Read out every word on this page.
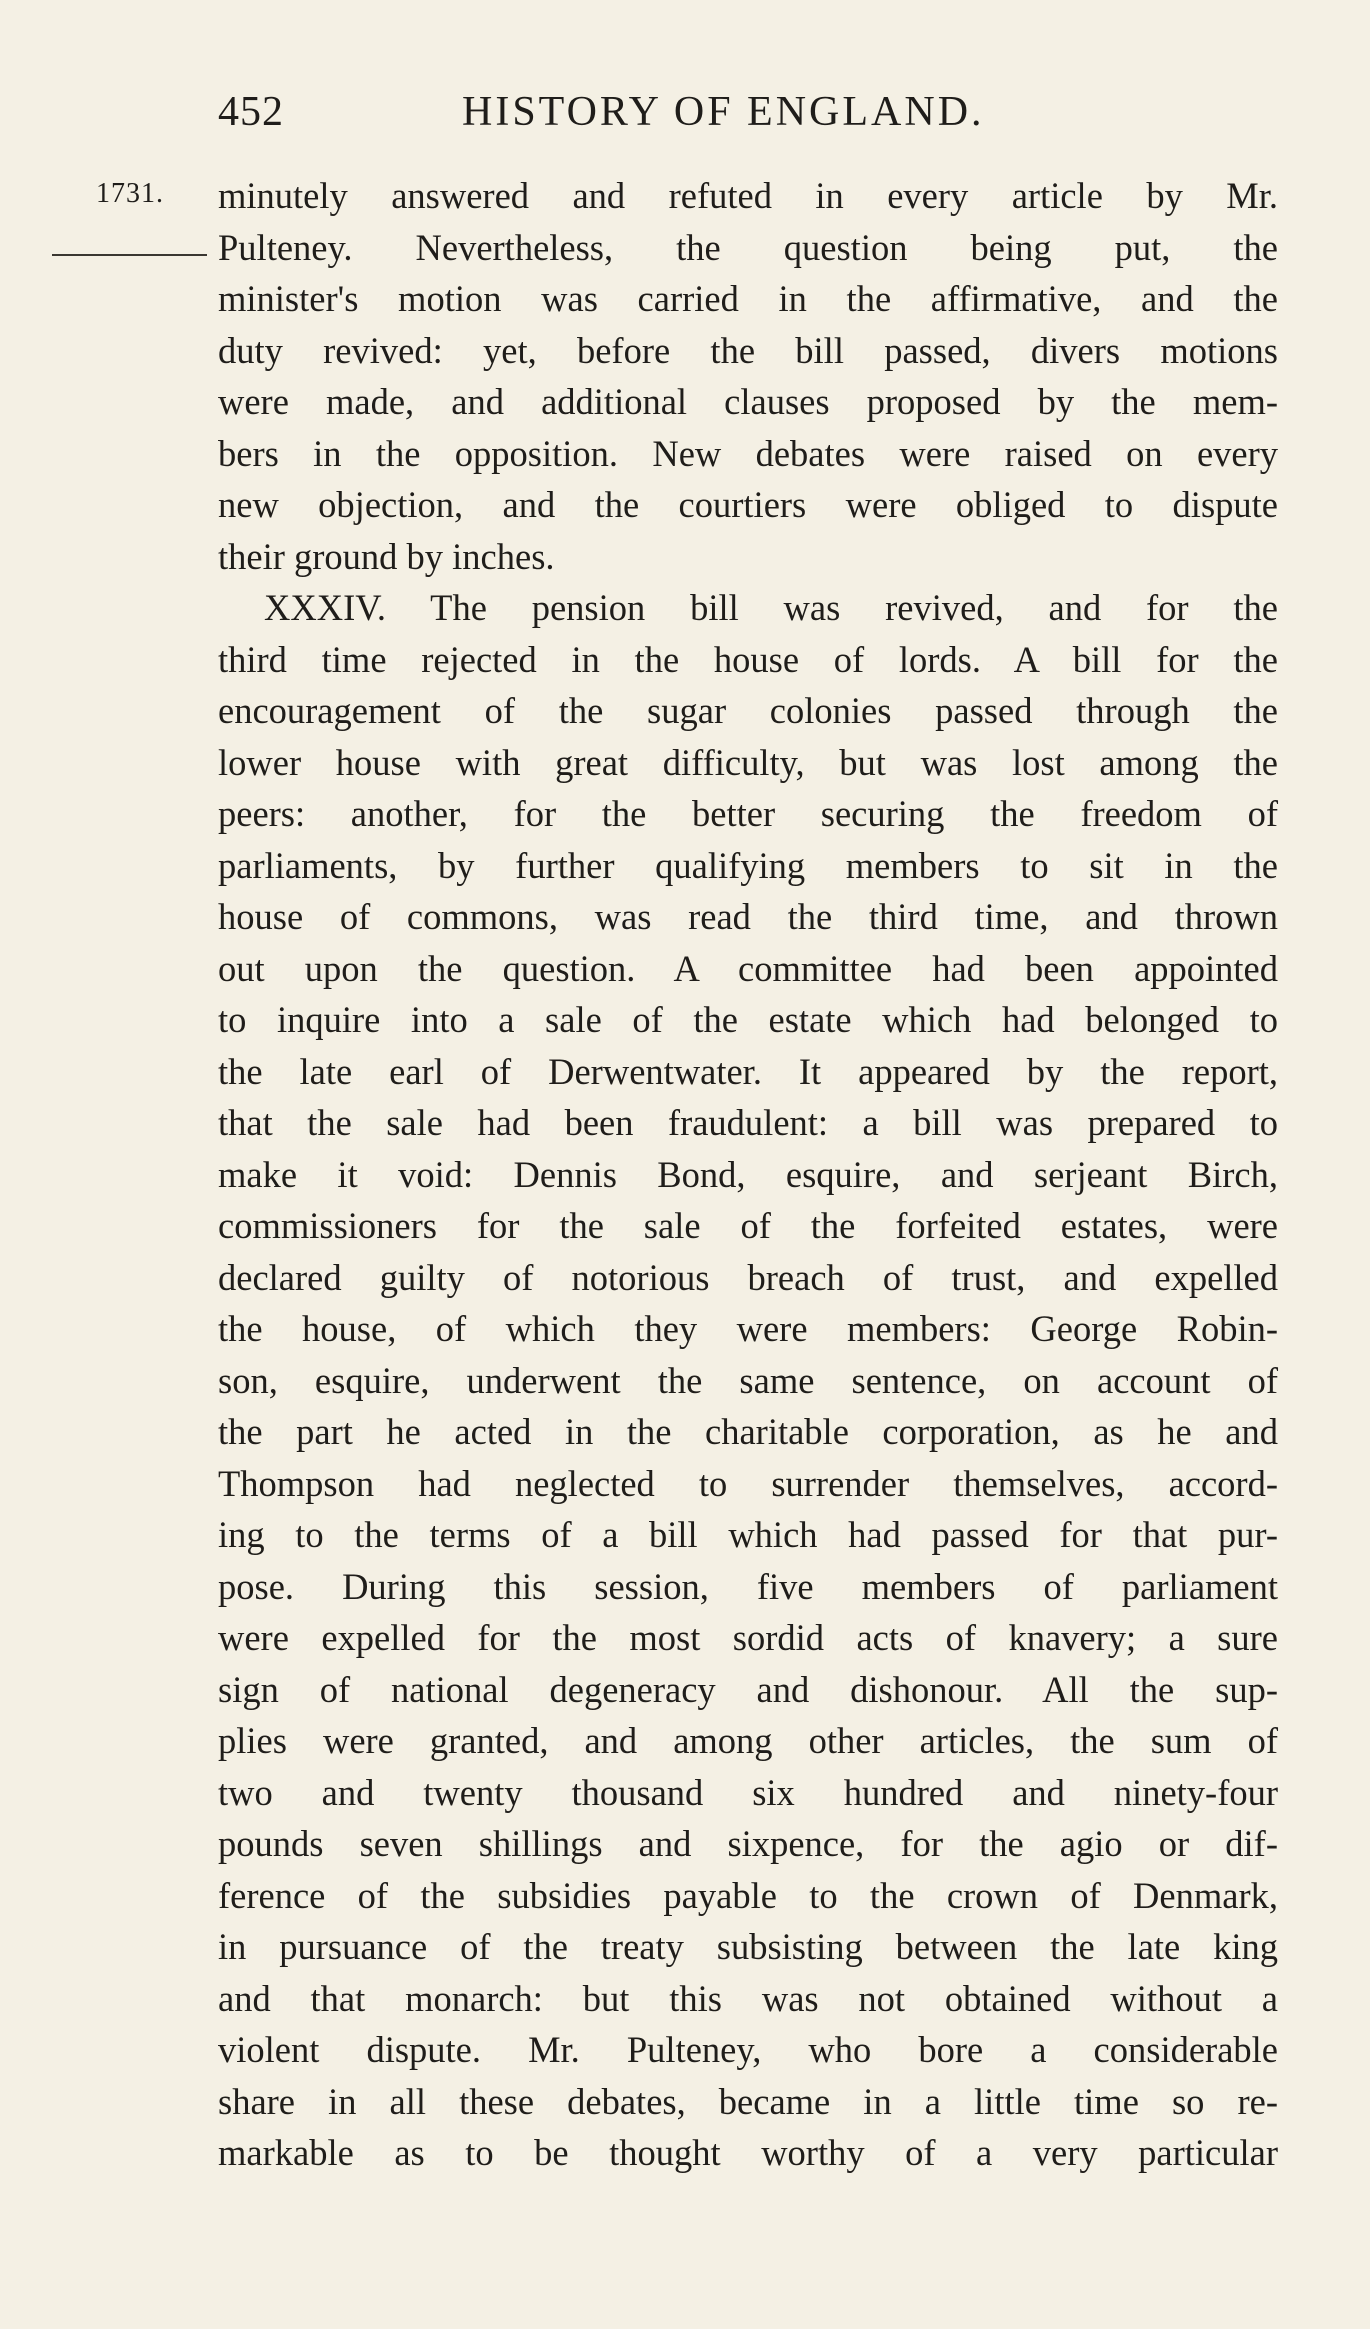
452	HISTORY OF ENGLAND.
1731. minutely answered and refuted in every article by Mr.
Pulteney. Nevertheless, the question being put, the
minister's motion was carried in the affirmative, and the
duty revived: yet, before the bill passed, divers motions
were made, and additional clauses proposed by the mem-
bers in the opposition. New debates were raised on every
new objection, and the courtiers were obliged to dispute
their ground by inches.
XXXIV. The pension bill was revived, and for the
third time rejected in the house of lords. A bill for the
encouragement of the sugar colonies passed through the
lower house with great difficulty, but was lost among the
peers: another, for the better securing the freedom of
parliaments, by further qualifying members to sit in the
house of commons, was read the third time, and thrown
out upon the question. A committee had been appointed
to inquire into a sale of the estate which had belonged to
the late earl of Derwentwater. It appeared by the report,
that the sale had been fraudulent: a bill was prepared to
make it void: Dennis Bond, esquire, and serjeant Birch,
commissioners for the sale of the forfeited estates, were
declared guilty of notorious breach of trust, and expelled
the house, of which they were members: George Robin-
son, esquire, underwent the same sentence, on account of
the part he acted in the charitable corporation, as he and
Thompson had neglected to surrender themselves, accord-
ing to the terms of a bill which had passed for that pur-
pose. During this session, five members of parliament
were expelled for the most sordid acts of knavery; a sure
sign of national degeneracy and dishonour. All the sup-
plies were granted, and among other articles, the sum of
two and twenty thousand six hundred and ninety-four
pounds seven shillings and sixpence, for the agio or dif-
ference of the subsidies payable to the crown of Denmark,
in pursuance of the treaty subsisting between the late king
and that monarch: but this was not obtained without a
violent dispute. Mr. Pulteney, who bore a considerable
share in all these debates, became in a little time so re-
markable as to be thought worthy of a very particular
